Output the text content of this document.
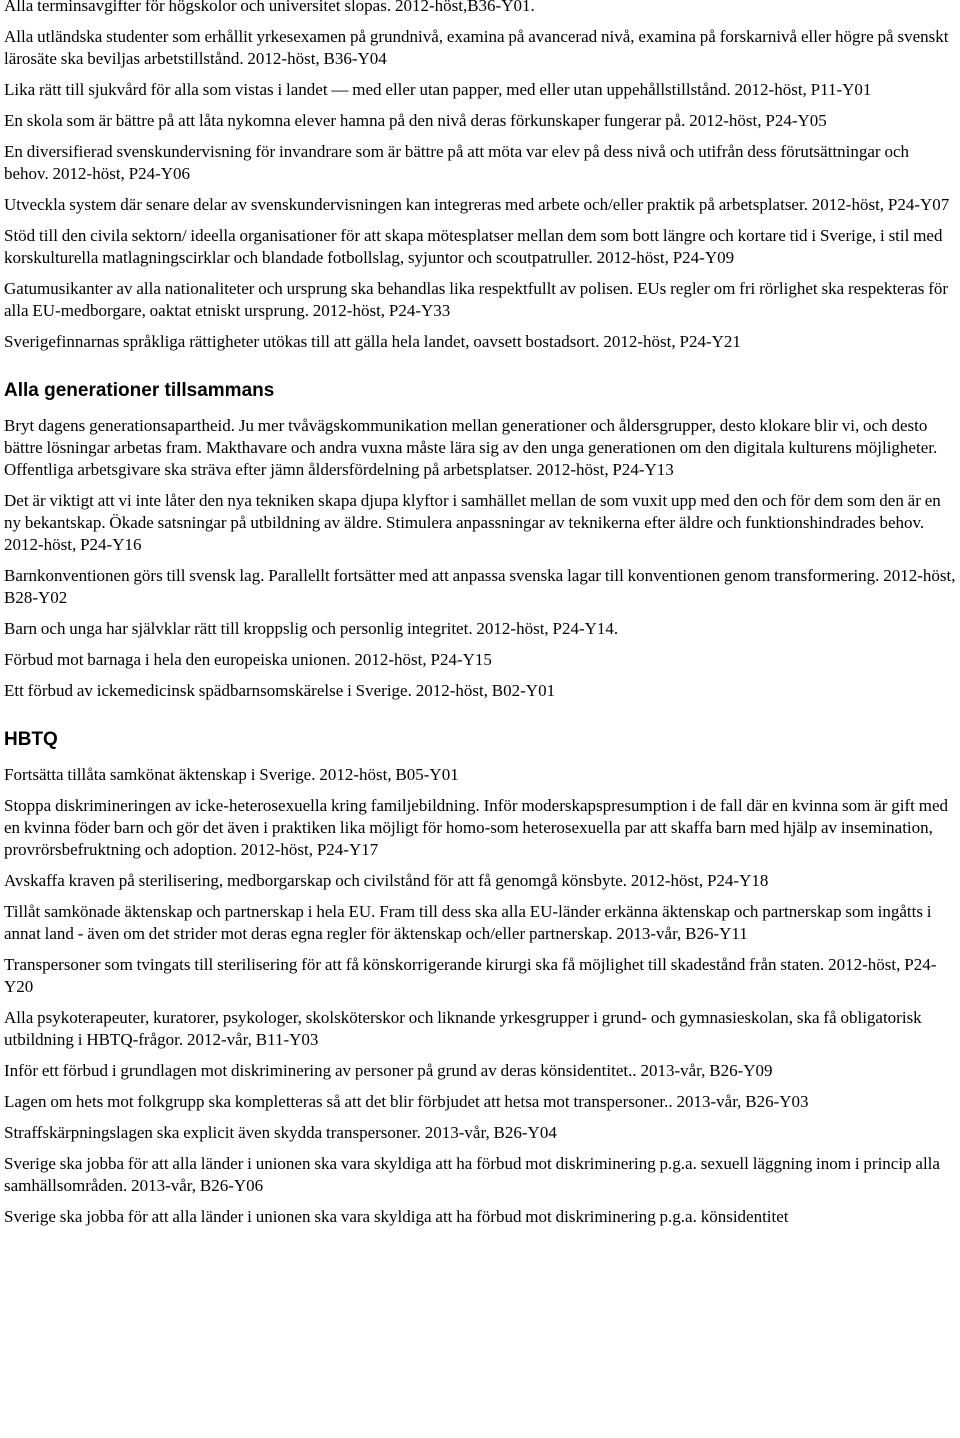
Alla terminsavgifter för högskolor och universitet slopas. 2012-höst,B36-Y01.

Alla utländska studenter som erhållit yrkesexamen på grundnivå, examina på avancerad nivå, examina på forskarnivå eller högre på svenskt lärosäte ska beviljas arbetstillstånd. 2012-höst, B36-Y04

Lika rätt till sjukvård för alla som vistas i landet — med eller utan papper, med eller utan uppehållstillstånd. 2012-höst, P11-Y01

En skola som är bättre på att låta nykomna elever hamna på den nivå deras förkunskaper fungerar på. 2012-höst, P24-Y05

En diversifierad svenskundervisning för invandrare som är bättre på att möta var elev på dess nivå och utifrån dess förutsättningar och behov. 2012-höst, P24-Y06

Utveckla system där senare delar av svenskundervisningen kan integreras med arbete och/eller praktik på arbetsplatser. 2012-höst, P24-Y07

Stöd till den civila sektorn/ ideella organisationer för att skapa mötesplatser mellan dem som bott längre och kortare tid i Sverige, i stil med korskulturella matlagningscirklar och blandade fotbollslag, syjuntor och scoutpatruller. 2012-höst, P24-Y09

Gatumusikanter av alla nationaliteter och ursprung ska behandlas lika respektfullt av polisen. EUs regler om fri rörlighet ska respekteras för alla EU-medborgare, oaktat etniskt ursprung. 2012-höst, P24-Y33

Sverigefinnarnas språkliga rättigheter utökas till att gälla hela landet, oavsett bostadsort. 2012-höst, P24-Y21

Alla generationer tillsammans

Bryt dagens generationsapartheid. Ju mer tvåvägskommunikation mellan generationer och åldersgrupper, desto klokare blir vi, och desto bättre lösningar arbetas fram. Makthavare och andra vuxna måste lära sig av den unga generationen om den digitala kulturens möjligheter. Offentliga arbetsgivare ska sträva efter jämn åldersfördelning på arbetsplatser. 2012-höst, P24-Y13

Det är viktigt att vi inte låter den nya tekniken skapa djupa klyftor i samhället mellan de som vuxit upp med den och för dem som den är en ny bekantskap. Ökade satsningar på utbildning av äldre. Stimulera anpassningar av teknikerna efter äldre och funktionshindrades behov. 2012-höst, P24-Y16

Barnkonventionen görs till svensk lag. Parallellt fortsätter med att anpassa svenska lagar till konventionen genom transformering. 2012-höst, B28-Y02

Barn och unga har självklar rätt till kroppslig och personlig integritet. 2012-höst, P24-Y14.

Förbud mot barnaga i hela den europeiska unionen. 2012-höst, P24-Y15

Ett förbud av ickemedicinsk spädbarnsomskärelse i Sverige. 2012-höst, B02-Y01

HBTQ

Fortsätta tillåta samkönat äktenskap i Sverige. 2012-höst, B05-Y01

Stoppa diskrimineringen av icke-heterosexuella kring familjebildning. Inför moderskapspresumption i de fall där en kvinna som är gift med en kvinna föder barn och gör det även i praktiken lika möjligt för homo-som heterosexuella par att skaffa barn med hjälp av insemination, provrörsbefruktning och adoption. 2012-höst, P24-Y17

Avskaffa kraven på sterilisering, medborgarskap och civilstånd för att få genomgå könsbyte. 2012-höst, P24-Y18

Tillåt samkönade äktenskap och partnerskap i hela EU. Fram till dess ska alla EU-länder erkänna äktenskap och partnerskap som ingåtts i annat land - även om det strider mot deras egna regler för äktenskap och/eller partnerskap. 2013-vår, B26-Y11

Transpersoner som tvingats till sterilisering för att få könskorrigerande kirurgi ska få möjlighet till skadestånd från staten. 2012-höst, P24-Y20

Alla psykoterapeuter, kuratorer, psykologer, skolsköterskor och liknande yrkesgrupper i grund- och gymnasieskolan, ska få obligatorisk utbildning i HBTQ-frågor. 2012-vår, B11-Y03

Inför ett förbud i grundlagen mot diskriminering av personer på grund av deras könsidentitet.. 2013-vår, B26-Y09

Lagen om hets mot folkgrupp ska kompletteras så att det blir förbjudet att hetsa mot transpersoner.. 2013-vår, B26-Y03

Straffskärpningslagen ska explicit även skydda transpersoner. 2013-vår, B26-Y04

Sverige ska jobba för att alla länder i unionen ska vara skyldiga att ha förbud mot diskriminering p.g.a. sexuell läggning inom i princip alla samhällsområden. 2013-vår, B26-Y06

Sverige ska jobba för att alla länder i unionen ska vara skyldiga att ha förbud mot diskriminering p.g.a. könsidentitet
